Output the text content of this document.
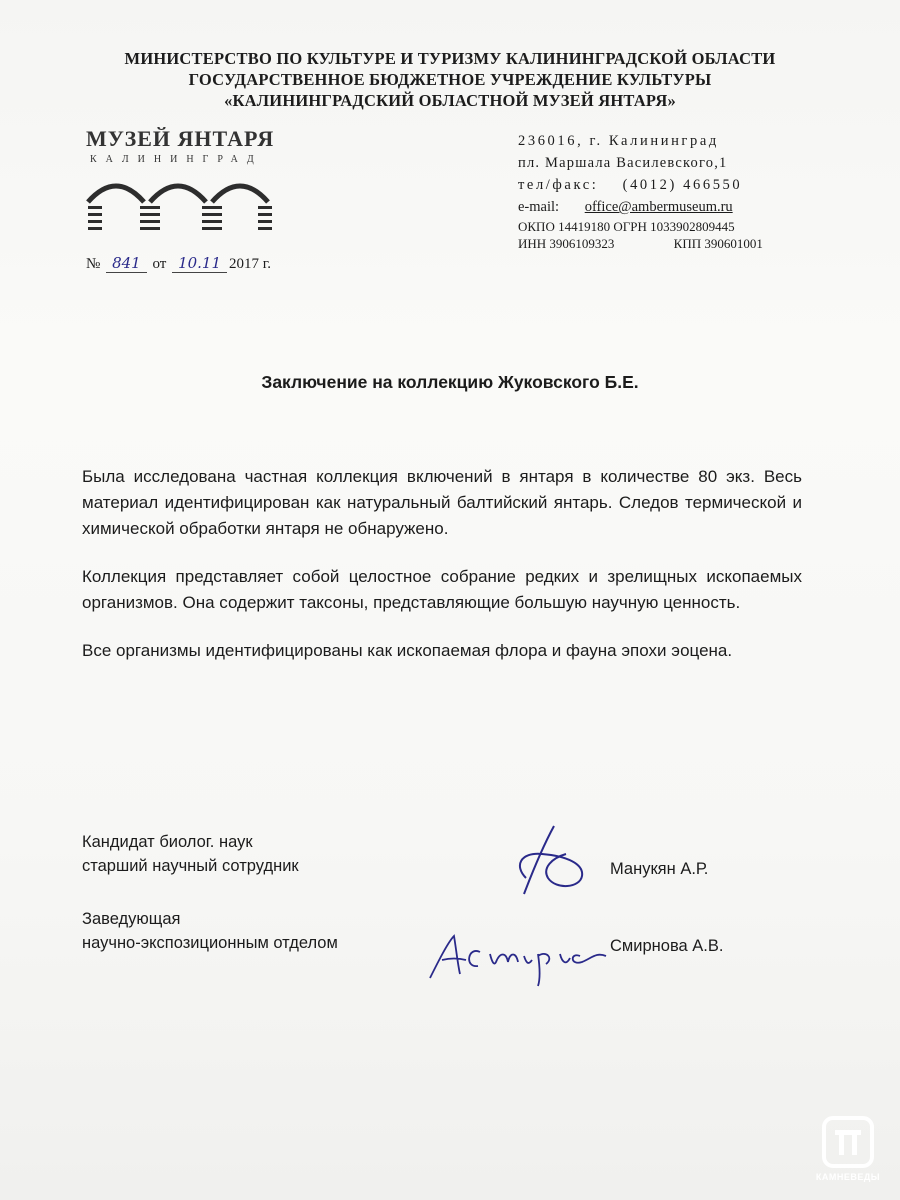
МИНИСТЕРСТВО ПО КУЛЬТУРЕ И ТУРИЗМУ КАЛИНИНГРАДСКОЙ ОБЛАСТИ
ГОСУДАРСТВЕННОЕ БЮДЖЕТНОЕ УЧРЕЖДЕНИЕ КУЛЬТУРЫ
«КАЛИНИНГРАДСКИЙ ОБЛАСТНОЙ МУЗЕЙ ЯНТАРЯ»
МУЗЕЙ ЯНТАРЯ
КАЛИНИНГРАД
№ 841 от 10.11 2017 г.
236016, г. Калининград
пл. Маршала Василевского,1
тел/факс: (4012) 466550
e-mail: office@ambermuseum.ru
ОКПО 14419180 ОГРН 1033902809445
ИНН 3906109323	КПП 390601001
Заключение на коллекцию Жуковского Б.Е.

Была исследована частная коллекция включений в янтаря в количестве 80 экз. Весь материал идентифицирован как натуральный балтийский янтарь. Следов термической и химической обработки янтаря не обнаружено.

Коллекция представляет собой целостное собрание редких и зрелищных ископаемых организмов. Она содержит таксоны, представляющие большую научную ценность.

Все организмы идентифицированы как ископаемая флора и фауна эпохи эоцена.

Кандидат биолог. наук
старший научный сотрудник	Манукян А.Р.
Заведующая
научно-экспозиционным отделом	Смирнова А.В.
КАМНЕВЕДЫ
